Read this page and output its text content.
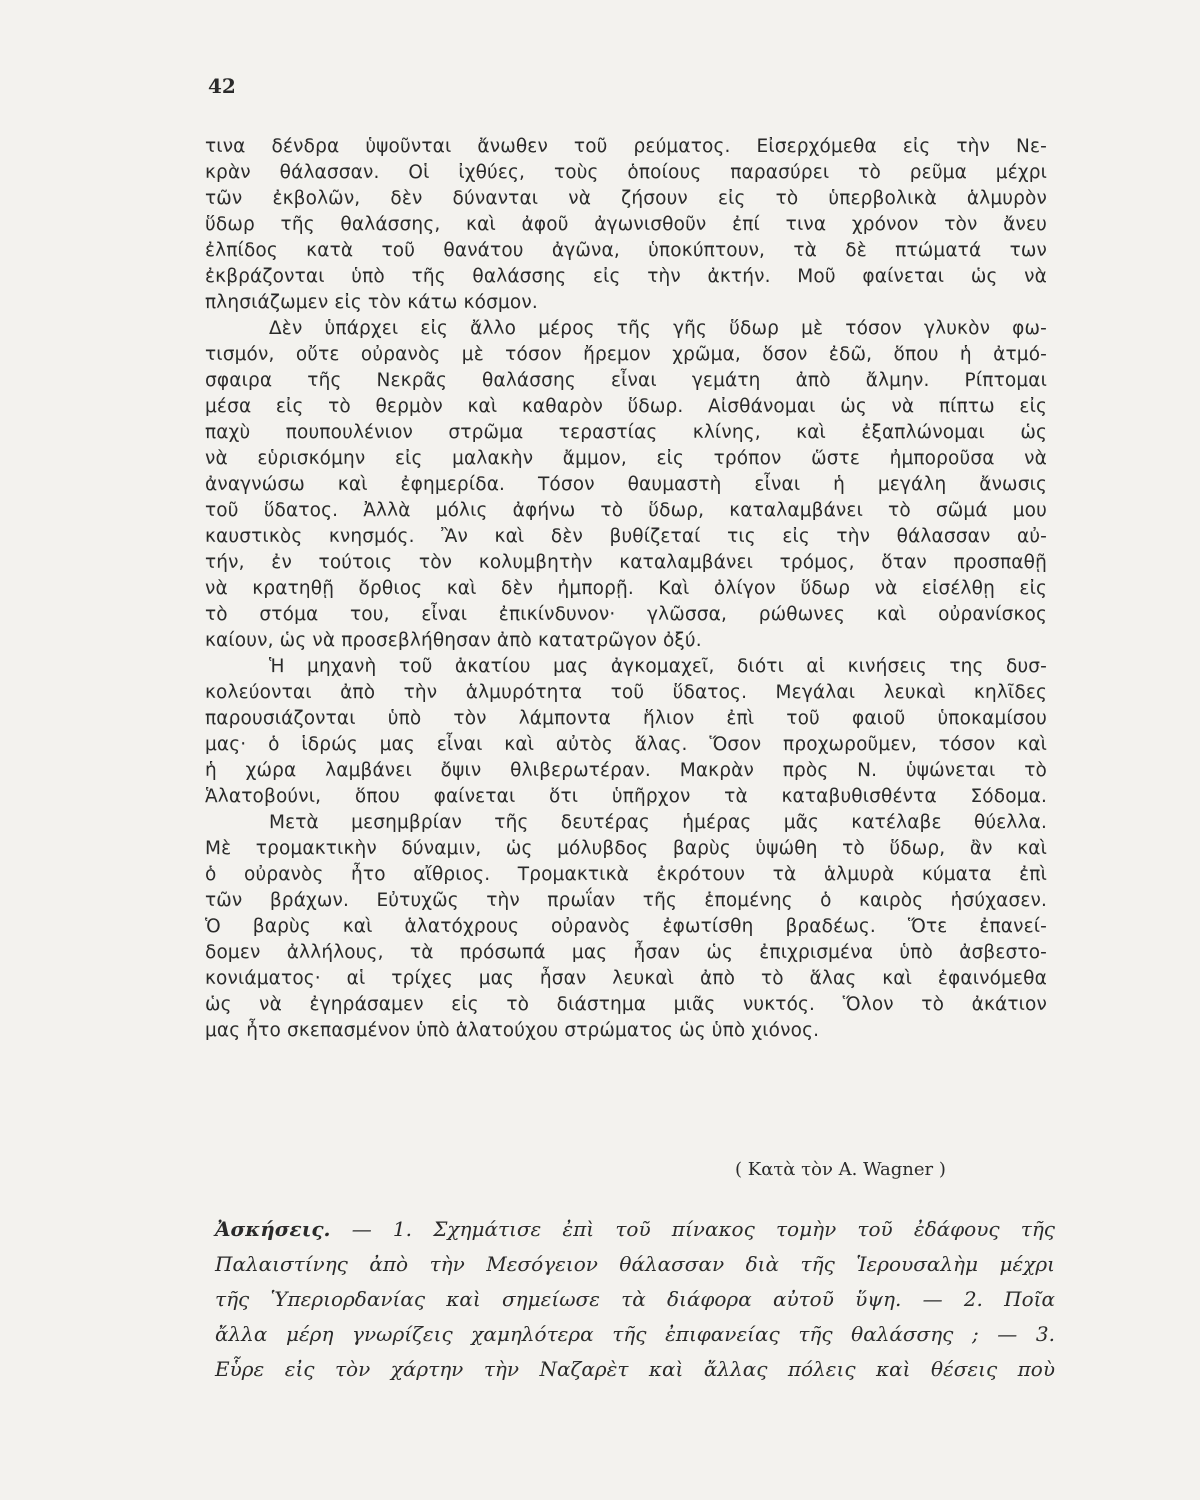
42
τινα δένδρα ὑψοῦνται ἄνωθεν τοῦ ρεύματος. Εἰσερχόμεθα εἰς τὴν Νε-
κρὰν θάλασσαν. Οἱ ἰχθύες, τοὺς ὁποίους παρασύρει τὸ ρεῦμα μέχρι
τῶν ἐκβολῶν, δὲν δύνανται νὰ ζήσουν εἰς τὸ ὑπερβολικὰ ἁλμυρὸν
ὕδωρ τῆς θαλάσσης, καὶ ἀφοῦ ἀγωνισθοῦν ἐπί τινα χρόνον τὸν ἄνευ
ἐλπίδος κατὰ τοῦ θανάτου ἀγῶνα, ὑποκύπτουν, τὰ δὲ πτώματά των
ἐκβράζονται ὑπὸ τῆς θαλάσσης εἰς τὴν ἀκτήν. Μοῦ φαίνεται ὡς νὰ
πλησιάζωμεν εἰς τὸν κάτω κόσμον.
Δὲν ὑπάρχει εἰς ἄλλο μέρος τῆς γῆς ὕδωρ μὲ τόσον γλυκὸν φω-
τισμόν, οὔτε οὐρανὸς μὲ τόσον ἤρεμον χρῶμα, ὅσον ἐδῶ, ὅπου ἡ ἀτμό-
σφαιρα τῆς Νεκρᾶς θαλάσσης εἶναι γεμάτη ἀπὸ ἄλμην. Ρίπτομαι
μέσα εἰς τὸ θερμὸν καὶ καθαρὸν ὕδωρ. Αἰσθάνομαι ὡς νὰ πίπτω εἰς
παχὺ πουπουλένιον στρῶμα τεραστίας κλίνης, καὶ ἐξαπλώνομαι ὡς
νὰ εὑρισκόμην εἰς μαλακὴν ἄμμον, εἰς τρόπον ὥστε ἠμποροῦσα νὰ
ἀναγνώσω καὶ ἐφημερίδα. Τόσον θαυμαστὴ εἶναι ἡ μεγάλη ἄνωσις
τοῦ ὕδατος. Ἀλλὰ μόλις ἀφήνω τὸ ὕδωρ, καταλαμβάνει τὸ σῶμά μου
καυστικὸς κνησμός. Ἂν καὶ δὲν βυθίζεταί τις εἰς τὴν θάλασσαν αὐ-
τήν, ἐν τούτοις τὸν κολυμβητὴν καταλαμβάνει τρόμος, ὅταν προσπαθῇ
νὰ κρατηθῇ ὄρθιος καὶ δὲν ἠμπορῇ. Καὶ ὀλίγον ὕδωρ νὰ εἰσέλθῃ εἰς
τὸ στόμα του, εἶναι ἐπικίνδυνον· γλῶσσα, ρώθωνες καὶ οὐρανίσκος
καίουν, ὡς νὰ προσεβλήθησαν ἀπὸ κατατρῶγον ὀξύ.
Ἡ μηχανὴ τοῦ ἀκατίου μας ἀγκομαχεῖ, διότι αἱ κινήσεις της δυσ-
κολεύονται ἀπὸ τὴν ἁλμυρότητα τοῦ ὕδατος. Μεγάλαι λευκαὶ κηλῖδες
παρουσιάζονται ὑπὸ τὸν λάμποντα ἥλιον ἐπὶ τοῦ φαιοῦ ὑποκαμίσου
μας· ὁ ἱδρώς μας εἶναι καὶ αὐτὸς ἅλας. Ὅσον προχωροῦμεν, τόσον καὶ
ἡ χώρα λαμβάνει ὄψιν θλιβερωτέραν. Μακρὰν πρὸς Ν. ὑψώνεται τὸ
Ἁλατοβούνι, ὅπου φαίνεται ὅτι ὑπῆρχον τὰ καταβυθισθέντα Σόδομα.
Μετὰ μεσημβρίαν τῆς δευτέρας ἡμέρας μᾶς κατέλαβε θύελλα.
Μὲ τρομακτικὴν δύναμιν, ὡς μόλυβδος βαρὺς ὑψώθη τὸ ὕδωρ, ἂν καὶ
ὁ οὐρανὸς ἦτο αἴθριος. Τρομακτικὰ ἐκρότουν τὰ ἁλμυρὰ κύματα ἐπὶ
τῶν βράχων. Εὐτυχῶς τὴν πρωΐαν τῆς ἑπομένης ὁ καιρὸς ἡσύχασεν.
Ὁ βαρὺς καὶ ἁλατόχρους οὐρανὸς ἐφωτίσθη βραδέως. Ὅτε ἐπανεί-
δομεν ἀλλήλους, τὰ πρόσωπά μας ἦσαν ὡς ἐπιχρισμένα ὑπὸ ἀσβεστο-
κονιάματος· αἱ τρίχες μας ἦσαν λευκαὶ ἀπὸ τὸ ἅλας καὶ ἐφαινόμεθα
ὡς νὰ ἐγηράσαμεν εἰς τὸ διάστημα μιᾶς νυκτός. Ὅλον τὸ ἀκάτιον
μας ἦτο σκεπασμένον ὑπὸ ἁλατούχου στρώματος ὡς ὑπὸ χιόνος.
( Κατὰ τὸν Α. Wagner )
Ἀσκήσεις. — 1. Σχημάτισε ἐπὶ τοῦ πίνακος τομὴν τοῦ ἐδάφους τῆς
Παλαιστίνης ἀπὸ τὴν Μεσόγειον θάλασσαν διὰ τῆς Ἱερουσαλὴμ μέχρι
τῆς Ὑπεριορδανίας καὶ σημείωσε τὰ διάφορα αὐτοῦ ὕψη. — 2. Ποῖα
ἄλλα μέρη γνωρίζεις χαμηλότερα τῆς ἐπιφανείας τῆς θαλάσσης ; — 3.
Εὗρε εἰς τὸν χάρτην τὴν Ναζαρὲτ καὶ ἄλλας πόλεις καὶ θέσεις ποὺ
